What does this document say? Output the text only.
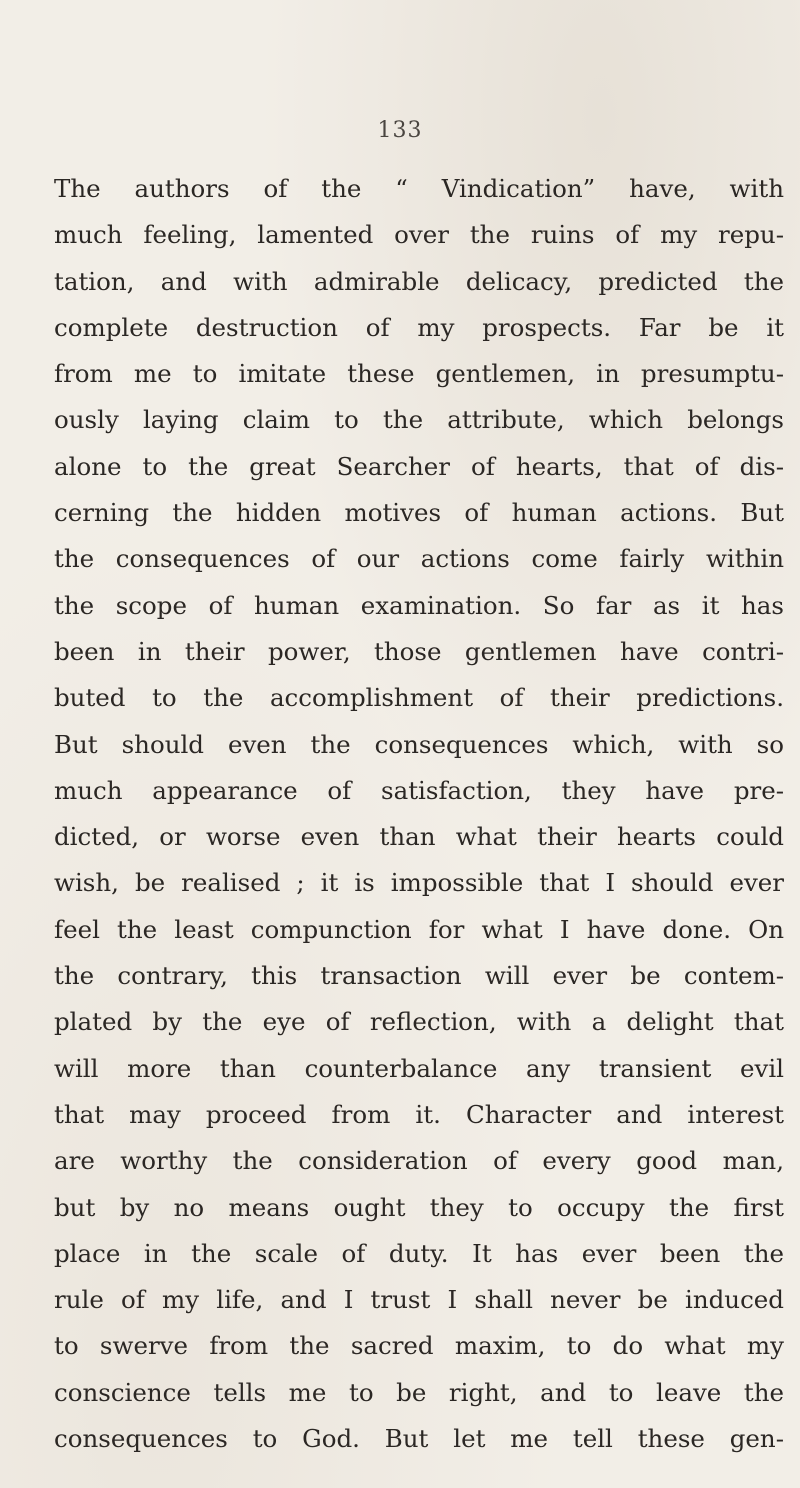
133
The authors of the “ Vindication” have, with
much feeling, lamented over the ruins of my repu-
tation, and with admirable delicacy, predicted the
complete destruction of my prospects. Far be it
from me to imitate these gentlemen, in presumptu-
ously laying claim to the attribute, which belongs
alone to the great Searcher of hearts, that of dis-
cerning the hidden motives of human actions. But
the consequences of our actions come fairly within
the scope of human examination. So far as it has
been in their power, those gentlemen have contri-
buted to the accomplishment of their predictions.
But should even the consequences which, with so
much appearance of satisfaction, they have pre-
dicted, or worse even than what their hearts could
wish, be realised ; it is impossible that I should ever
feel the least compunction for what I have done. On
the contrary, this transaction will ever be contem-
plated by the eye of reflection, with a delight that
will more than counterbalance any transient evil
that may proceed from it. Character and interest
are worthy the consideration of every good man,
but by no means ought they to occupy the first
place in the scale of duty. It has ever been the
rule of my life, and I trust I shall never be induced
to swerve from the sacred maxim, to do what my
conscience tells me to be right, and to leave the
consequences to God. But let me tell these gen-
